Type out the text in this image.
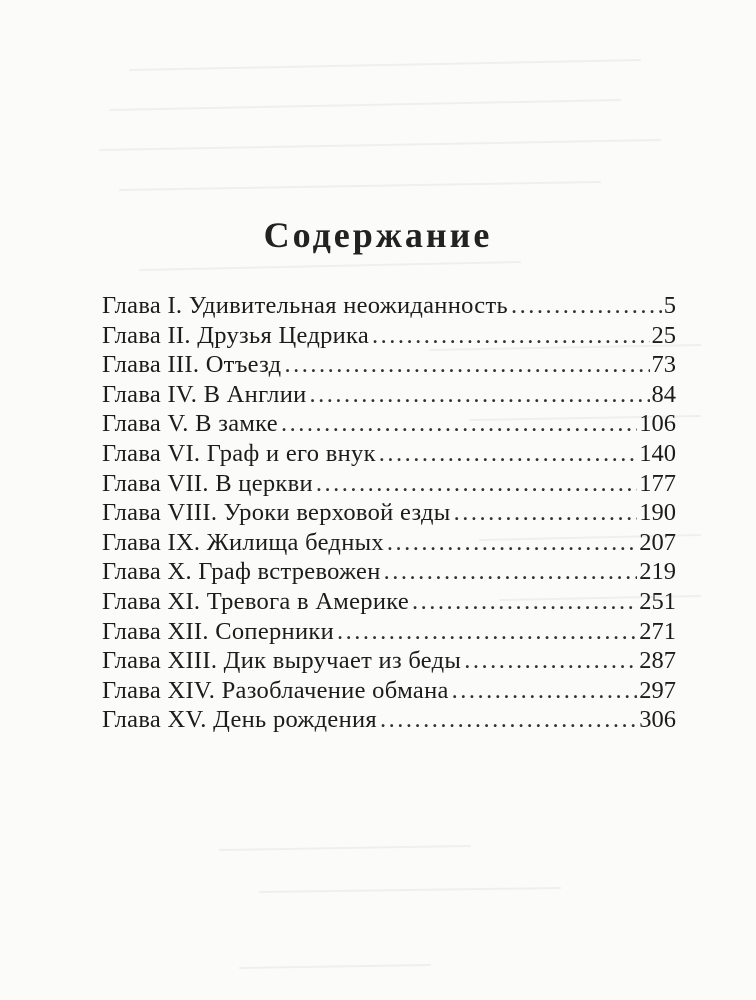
Содержание
Глава I. Удивительная неожиданность .....	5
Глава II. Друзья Цедрика .....	25
Глава III. Отъезд .....	73
Глава IV. В Англии .....	84
Глава V. В замке .....	106
Глава VI. Граф и его внук .....	140
Глава VII. В церкви .....	177
Глава VIII. Уроки верховой езды .....	190
Глава IX. Жилища бедных .....	207
Глава X. Граф встревожен .....	219
Глава XI. Тревога в Америке .....	251
Глава XII. Соперники .....	271
Глава XIII. Дик выручает из беды .....	287
Глава XIV. Разоблачение обмана .....	297
Глава XV. День рождения .....	306
